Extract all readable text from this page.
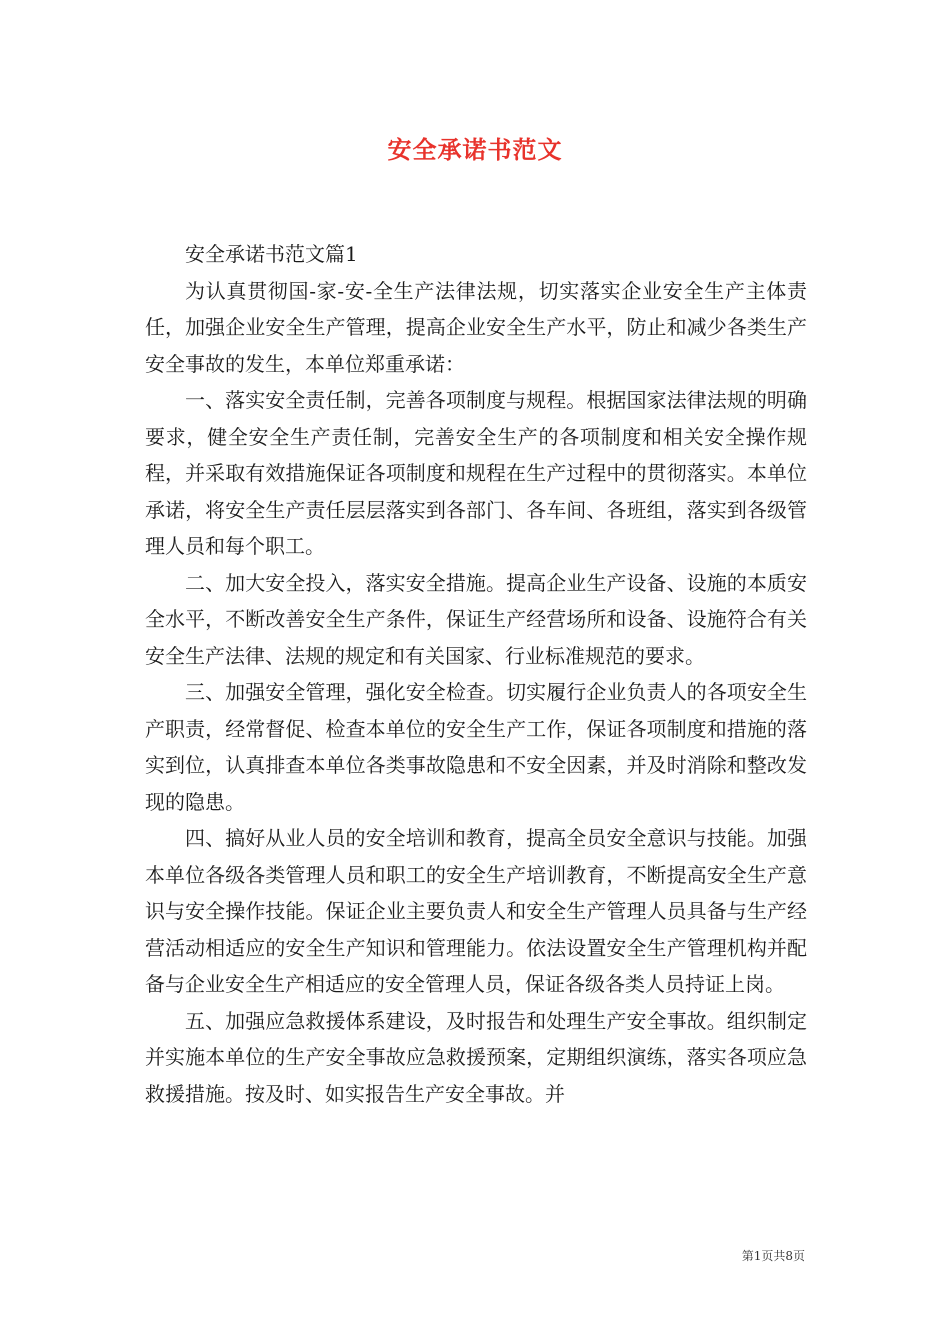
安全承诺书范文

安全承诺书范文篇1

为认真贯彻国-家-安-全生产法律法规，切实落实企业安全生产主体责任，加强企业安全生产管理，提高企业安全生产水平，防止和减少各类生产安全事故的发生，本单位郑重承诺：

一、落实安全责任制，完善各项制度与规程。根据国家法律法规的明确要求，健全安全生产责任制，完善安全生产的各项制度和相关安全操作规程，并采取有效措施保证各项制度和规程在生产过程中的贯彻落实。本单位承诺，将安全生产责任层层落实到各部门、各车间、各班组，落实到各级管理人员和每个职工。

二、加大安全投入，落实安全措施。提高企业生产设备、设施的本质安全水平，不断改善安全生产条件，保证生产经营场所和设备、设施符合有关安全生产法律、法规的规定和有关国家、行业标准规范的要求。

三、加强安全管理，强化安全检查。切实履行企业负责人的各项安全生产职责，经常督促、检查本单位的安全生产工作，保证各项制度和措施的落实到位，认真排查本单位各类事故隐患和不安全因素，并及时消除和整改发现的隐患。

四、搞好从业人员的安全培训和教育，提高全员安全意识与技能。加强本单位各级各类管理人员和职工的安全生产培训教育，不断提高安全生产意识与安全操作技能。保证企业主要负责人和安全生产管理人员具备与生产经营活动相适应的安全生产知识和管理能力。依法设置安全生产管理机构并配备与企业安全生产相适应的安全管理人员，保证各级各类人员持证上岗。

五、加强应急救援体系建设，及时报告和处理生产安全事故。组织制定并实施本单位的生产安全事故应急救援预案，定期组织演练，落实各项应急救援措施。按及时、如实报告生产安全事故。并

第1页共8页
